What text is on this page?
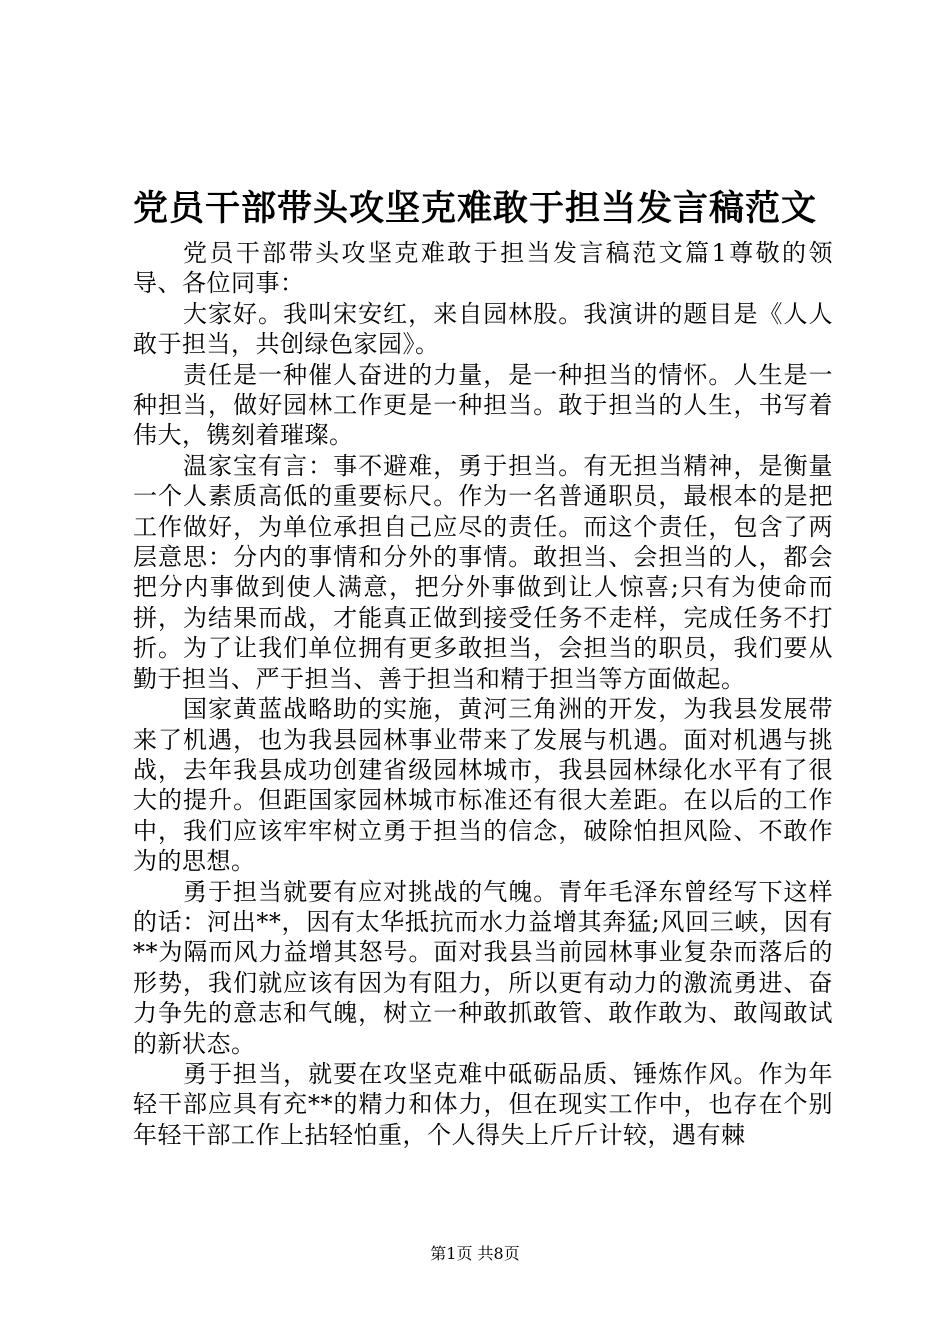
党员干部带头攻坚克难敢于担当发言稿范文

党员干部带头攻坚克难敢于担当发言稿范文篇1尊敬的领导、各位同事：

大家好。我叫宋安红，来自园林股。我演讲的题目是《人人敢于担当，共创绿色家园》。

责任是一种催人奋进的力量，是一种担当的情怀。人生是一种担当，做好园林工作更是一种担当。敢于担当的人生，书写着伟大，镌刻着璀璨。

温家宝有言：事不避难，勇于担当。有无担当精神，是衡量一个人素质高低的重要标尺。作为一名普通职员，最根本的是把工作做好，为单位承担自己应尽的责任。而这个责任，包含了两层意思：分内的事情和分外的事情。敢担当、会担当的人，都会把分内事做到使人满意，把分外事做到让人惊喜;只有为使命而拼，为结果而战，才能真正做到接受任务不走样，完成任务不打折。为了让我们单位拥有更多敢担当，会担当的职员，我们要从勤于担当、严于担当、善于担当和精于担当等方面做起。

国家黄蓝战略助的实施，黄河三角洲的开发，为我县发展带来了机遇，也为我县园林事业带来了发展与机遇。面对机遇与挑战，去年我县成功创建省级园林城市，我县园林绿化水平有了很大的提升。但距国家园林城市标准还有很大差距。在以后的工作中，我们应该牢牢树立勇于担当的信念，破除怕担风险、不敢作为的思想。

勇于担当就要有应对挑战的气魄。青年毛泽东曾经写下这样的话：河出**，因有太华抵抗而水力益增其奔猛;风回三峡，因有**为隔而风力益增其怒号。面对我县当前园林事业复杂而落后的形势，我们就应该有因为有阻力，所以更有动力的激流勇进、奋力争先的意志和气魄，树立一种敢抓敢管、敢作敢为、敢闯敢试的新状态。

勇于担当，就要在攻坚克难中砥砺品质、锤炼作风。作为年轻干部应具有充**的精力和体力，但在现实工作中，也存在个别年轻干部工作上拈轻怕重，个人得失上斤斤计较，遇有棘

第1页 共8页
